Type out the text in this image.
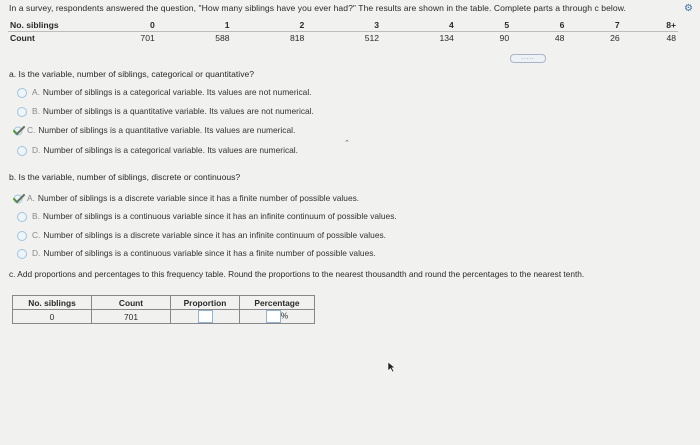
In a survey, respondents answered the question, "How many siblings have you ever had?" The results are shown in the table. Complete parts a through c below.	⚙
No. siblings	0	1	2	3	4	5	6	7	8+
Count	701	588	818	512	134	90	48	26	48
.....
a. Is the variable, number of siblings, categorical or quantitative?
A. Number of siblings is a categorical variable. Its values are not numerical.
B. Number of siblings is a quantitative variable. Its values are not numerical.
C. Number of siblings is a quantitative variable. Its values are numerical.
D. Number of siblings is a categorical variable. Its values are numerical.
⌃
b. Is the variable, number of siblings, discrete or continuous?
A. Number of siblings is a discrete variable since it has a finite number of possible values.
B. Number of siblings is a continuous variable since it has an infinite continuum of possible values.
C. Number of siblings is a discrete variable since it has an infinite continuum of possible values.
D. Number of siblings is a continuous variable since it has a finite number of possible values.
c. Add proportions and percentages to this frequency table. Round the proportions to the nearest thousandth and round the percentages to the nearest tenth.
No. siblings	Count	Proportion	Percentage
0	701		%
